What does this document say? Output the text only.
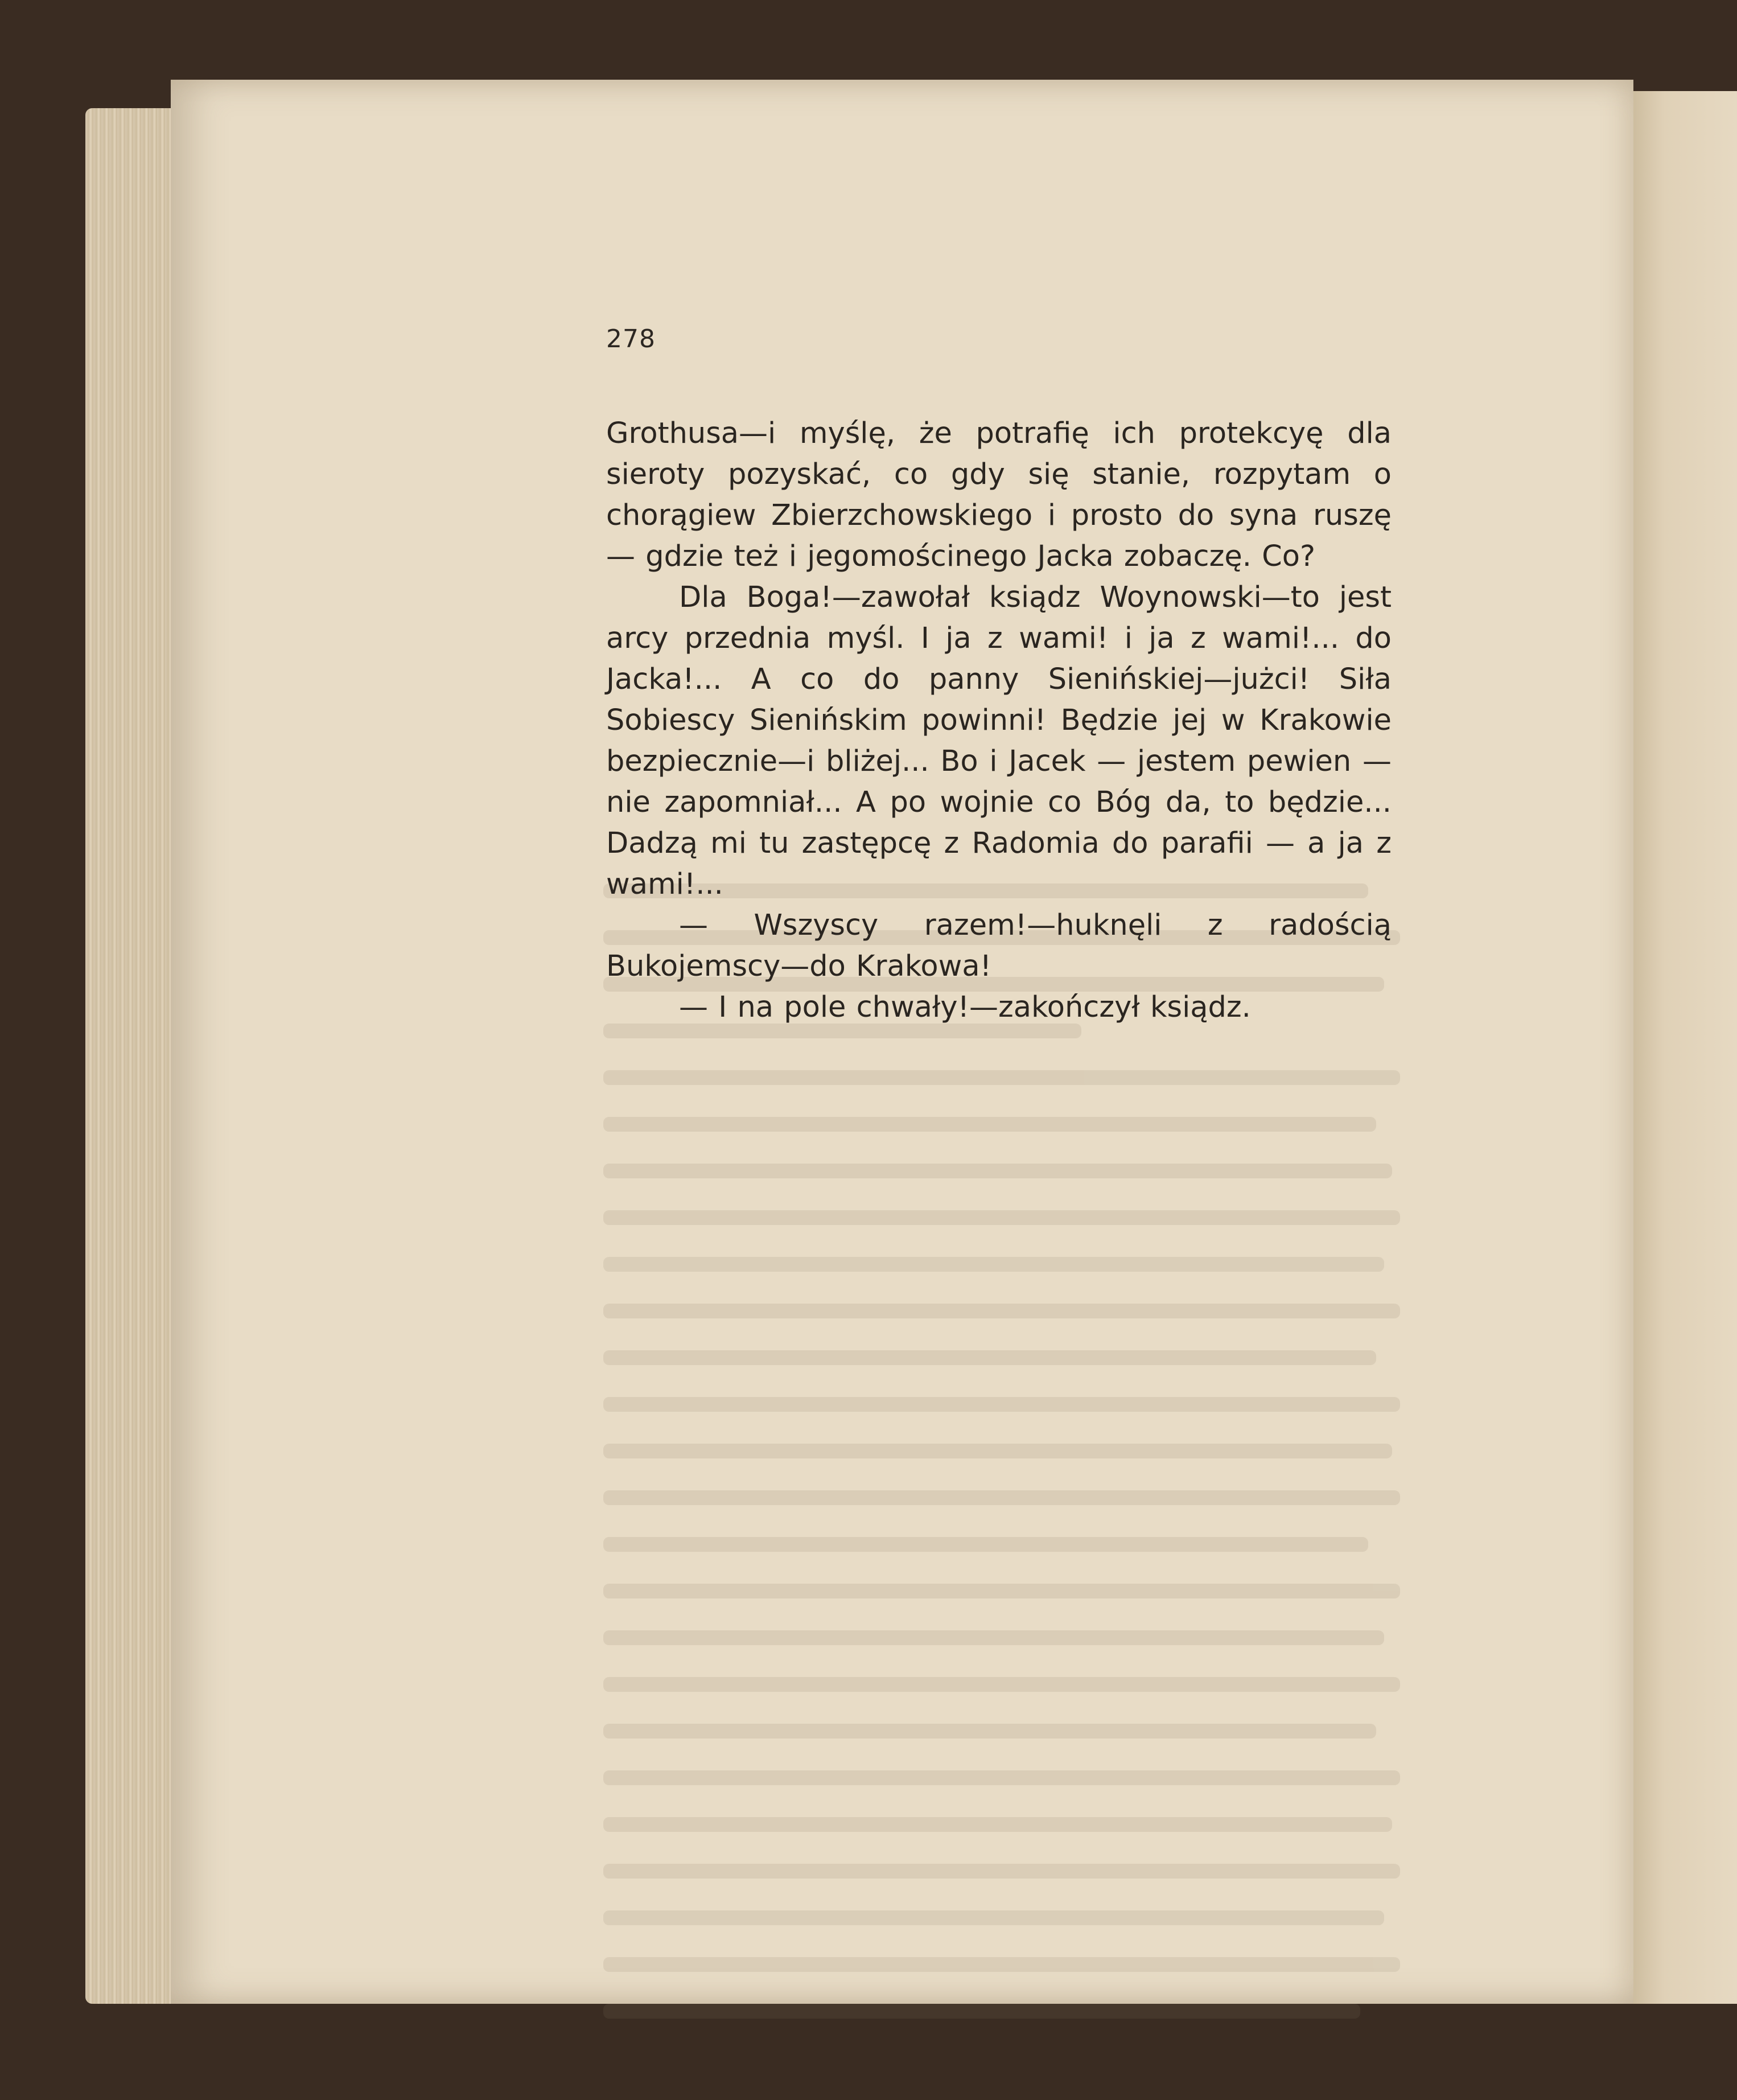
278

Grothusa—i myślę, że potrafię ich protekcyę dla sieroty pozyskać, co gdy się stanie, rozpytam o chorągiew Zbierzchowskiego i prosto do syna ruszę — gdzie też i jegomościnego Jacka zobaczę. Co?

Dla Boga!—zawołał ksiądz Woynowski—to jest arcy przednia myśl. I ja z wami! i ja z wami!... do Jacka!... A co do panny Sienińskiej—jużci! Siła Sobiescy Sienińskim powinni! Będzie jej w Krakowie bezpiecznie—i bliżej... Bo i Jacek — jestem pewien — nie zapomniał... A po wojnie co Bóg da, to będzie... Dadzą mi tu zastępcę z Radomia do parafii — a ja z wami!...

— Wszyscy razem!—huknęli z radością Bukojemscy—do Krakowa!

— I na pole chwały!—zakończył ksiądz.
